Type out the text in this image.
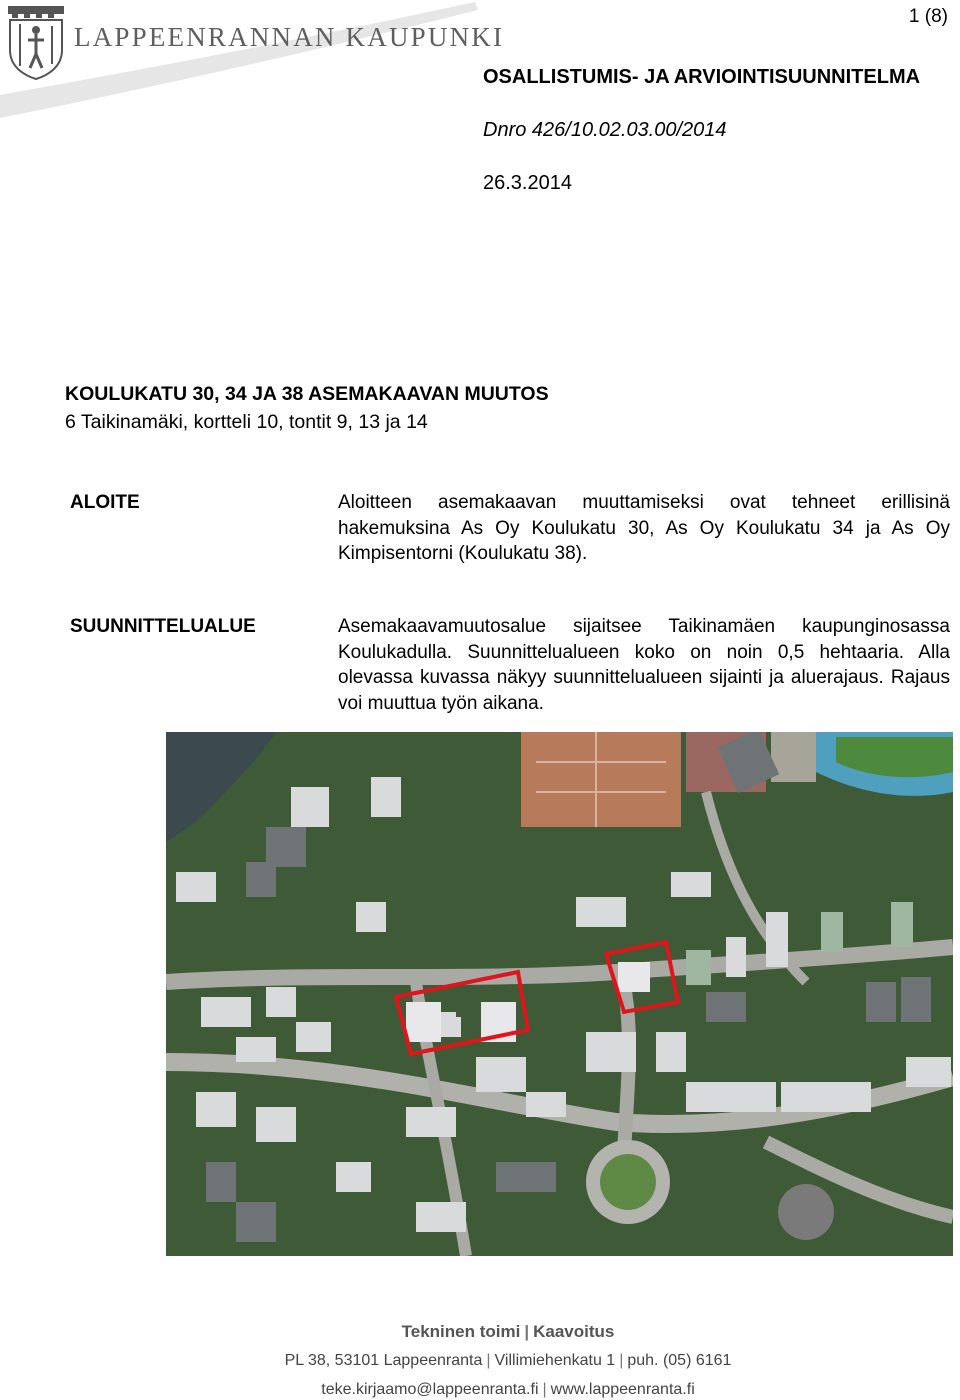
LAPPEENRANNAN KAUPUNKI
1 (8)
OSALLISTUMIS- JA ARVIOINTISUUNNITELMA
Dnro 426/10.02.03.00/2014
26.3.2014
KOULUKATU 30, 34 JA 38 ASEMAKAAVAN MUUTOS
6 Taikinamäki, kortteli 10, tontit 9, 13 ja 14
ALOITE	Aloitteen asemakaavan muuttamiseksi ovat tehneet erillisinä hakemuksina As Oy Koulukatu 30, As Oy Koulukatu 34 ja As Oy Kimpisentorni (Koulukatu 38).
SUUNNITTELUALUE	Asemakaavamuutosalue sijaitsee Taikinamäen kaupunginosassa Koulukadulla. Suunnittelualueen koko on noin 0,5 hehtaaria. Alla olevassa kuvassa näkyy suunnittelualueen sijainti ja aluerajaus. Rajaus voi muuttua työn aikana.
Tekninen toimi | Kaavoitus
PL 38, 53101 Lappeenranta | Villimiehenkatu 1 | puh. (05) 6161
teke.kirjaamo@lappeenranta.fi | www.lappeenranta.fi
